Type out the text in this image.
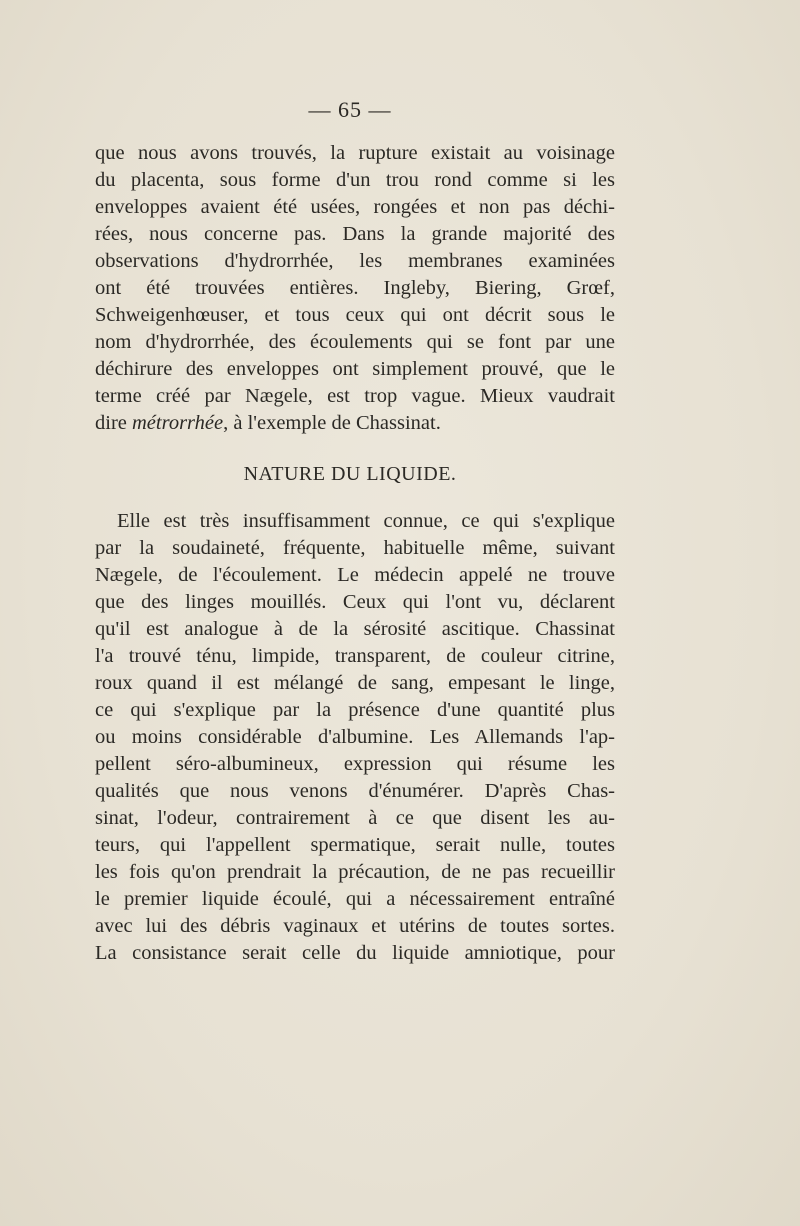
— 65 —
que nous avons trouvés, la rupture existait au voisinage
du placenta, sous forme d'un trou rond comme si les
enveloppes avaient été usées, rongées et non pas déchi-
rées, nous concerne pas. Dans la grande majorité des
observations d'hydrorrhée, les membranes examinées
ont été trouvées entières. Ingleby, Biering, Grœf,
Schweigenhœuser, et tous ceux qui ont décrit sous le
nom d'hydrorrhée, des écoulements qui se font par une
déchirure des enveloppes ont simplement prouvé, que le
terme créé par Nægele, est trop vague. Mieux vaudrait
dire métrorrhée, à l'exemple de Chassinat.
NATURE DU LIQUIDE.
Elle est très insuffisamment connue, ce qui s'explique
par la soudaineté, fréquente, habituelle même, suivant
Nægele, de l'écoulement. Le médecin appelé ne trouve
que des linges mouillés. Ceux qui l'ont vu, déclarent
qu'il est analogue à de la sérosité ascitique. Chassinat
l'a trouvé ténu, limpide, transparent, de couleur citrine,
roux quand il est mélangé de sang, empesant le linge,
ce qui s'explique par la présence d'une quantité plus
ou moins considérable d'albumine. Les Allemands l'ap-
pellent séro-albumineux, expression qui résume les
qualités que nous venons d'énumérer. D'après Chas-
sinat, l'odeur, contrairement à ce que disent les au-
teurs, qui l'appellent spermatique, serait nulle, toutes
les fois qu'on prendrait la précaution, de ne pas recueillir
le premier liquide écoulé, qui a nécessairement entraîné
avec lui des débris vaginaux et utérins de toutes sortes.
La consistance serait celle du liquide amniotique, pour
